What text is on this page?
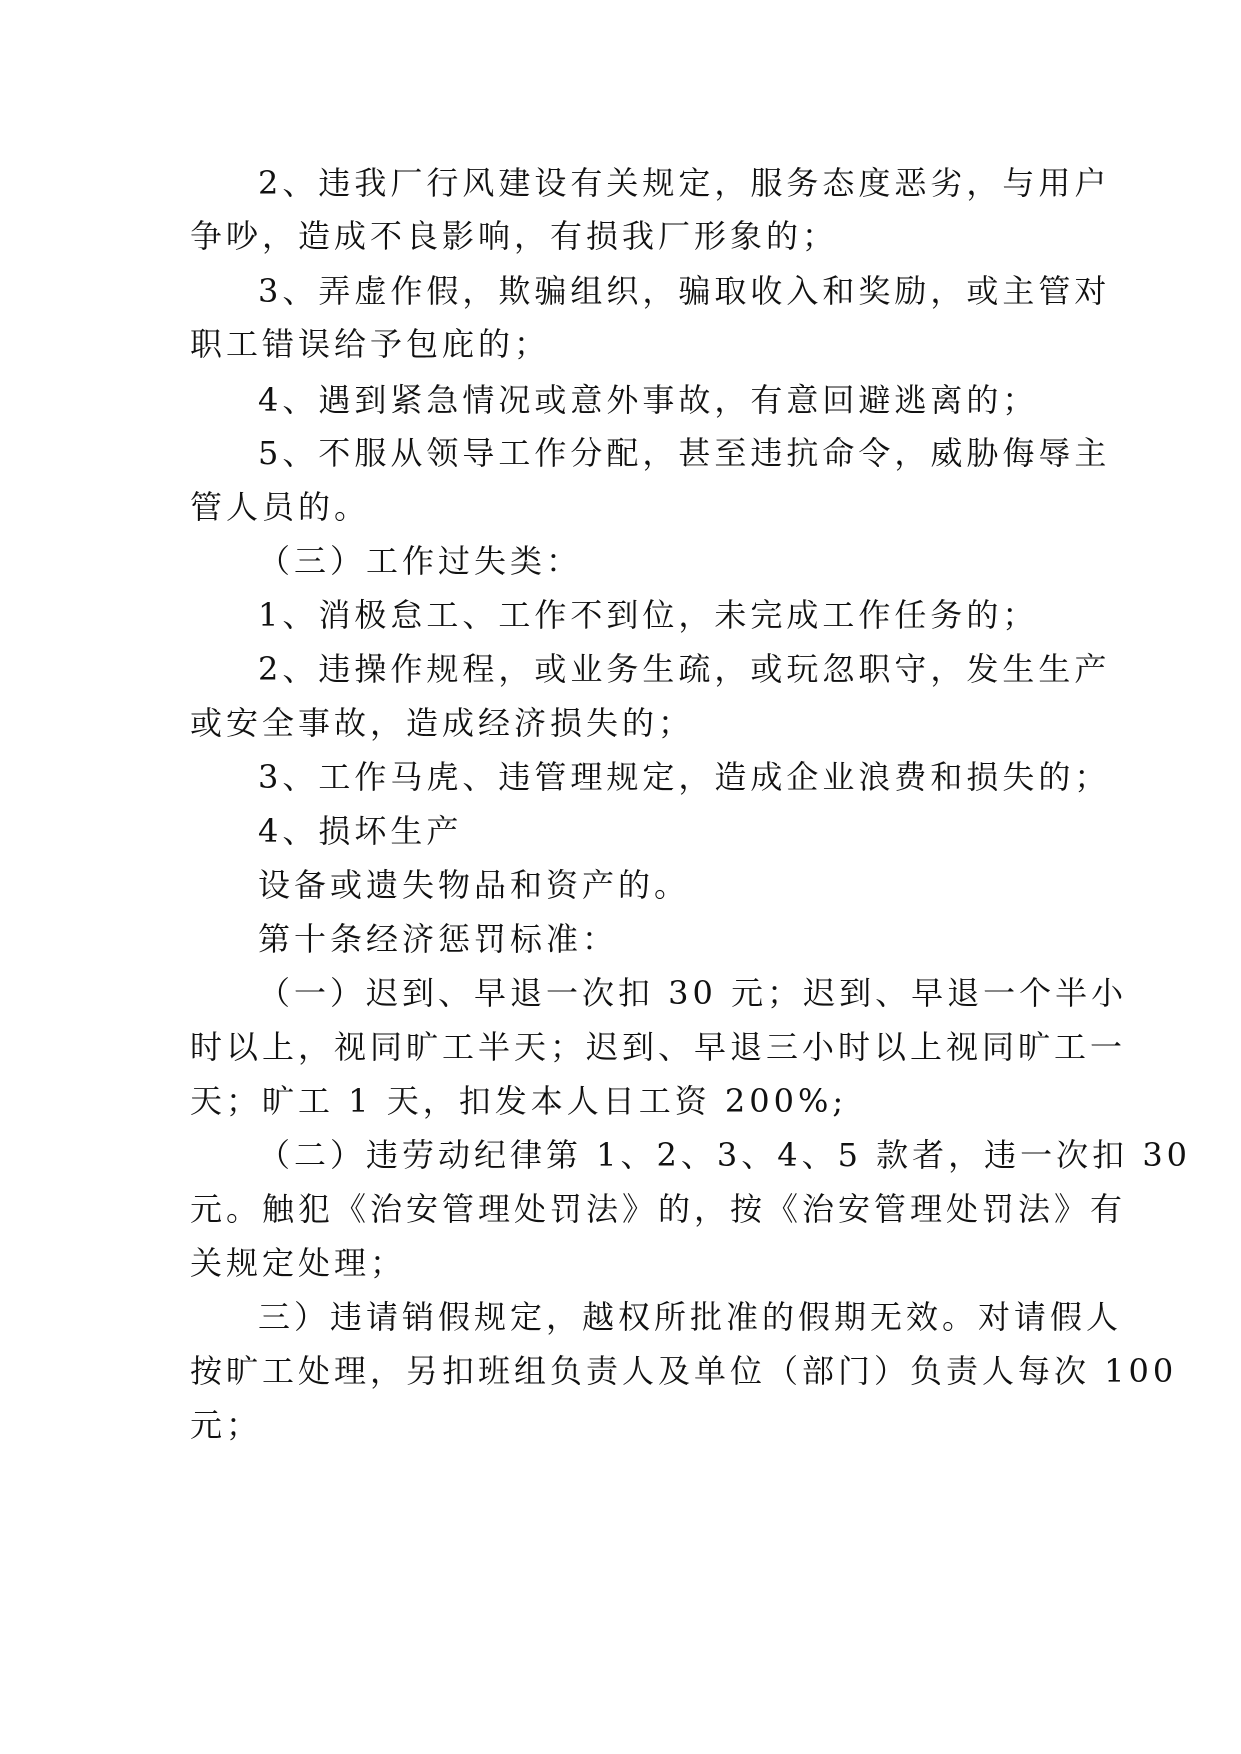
2、违我厂行风建设有关规定，服务态度恶劣，与用户
争吵，造成不良影响，有损我厂形象的；
3、弄虚作假，欺骗组织，骗取收入和奖励，或主管对
职工错误给予包庇的；
4、遇到紧急情况或意外事故，有意回避逃离的；
5、不服从领导工作分配，甚至违抗命令，威胁侮辱主
管人员的。
（三）工作过失类：
1、消极怠工、工作不到位，未完成工作任务的；
2、违操作规程，或业务生疏，或玩忽职守，发生生产
或安全事故，造成经济损失的；
3、工作马虎、违管理规定，造成企业浪费和损失的；
4、损坏生产
设备或遗失物品和资产的。
第十条经济惩罚标准：
（一）迟到、早退一次扣 30 元；迟到、早退一个半小
时以上，视同旷工半天；迟到、早退三小时以上视同旷工一
天；旷工 1 天，扣发本人日工资 200%;
（二）违劳动纪律第 1、2、3、4、5 款者，违一次扣 30
元。触犯《治安管理处罚法》的，按《治安管理处罚法》有
关规定处理；
三）违请销假规定，越权所批准的假期无效。对请假人
按旷工处理，另扣班组负责人及单位（部门）负责人每次 100
元；
